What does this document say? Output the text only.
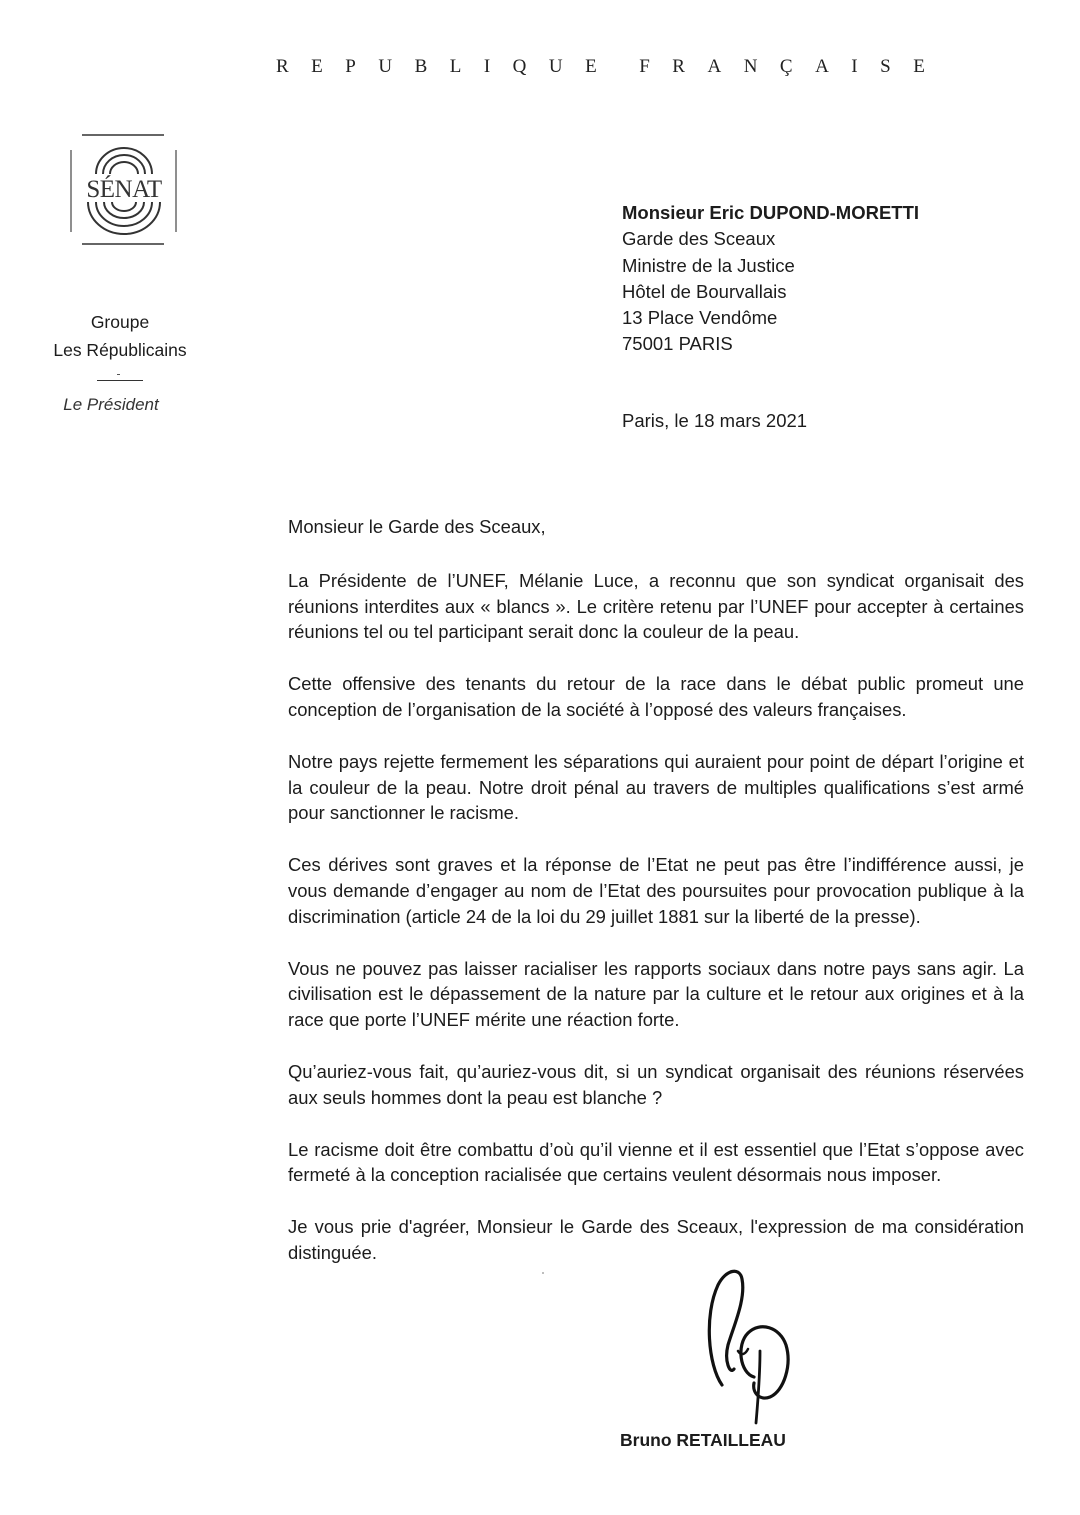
REPUBLIQUE FRANÇAISE
SÉNAT
Groupe
Les Républicains
Le Président
Monsieur Eric DUPOND-MORETTI
Garde des Sceaux
Ministre de la Justice
Hôtel de Bourvallais
13 Place Vendôme
75001 PARIS
Paris, le 18 mars 2021

Monsieur le Garde des Sceaux,

La Présidente de l’UNEF, Mélanie Luce, a reconnu que son syndicat organisait des réunions interdites aux « blancs ». Le critère retenu par l’UNEF pour accepter à certaines réunions tel ou tel participant serait donc la couleur de la peau.

Cette offensive des tenants du retour de la race dans le débat public promeut une conception de l’organisation de la société à l’opposé des valeurs françaises.

Notre pays rejette fermement les séparations qui auraient pour point de départ l’origine et la couleur de la peau. Notre droit pénal au travers de multiples qualifications s’est armé pour sanctionner le racisme.

Ces dérives sont graves et la réponse de l’Etat ne peut pas être l’indifférence aussi, je vous demande d’engager au nom de l’Etat des poursuites pour provocation publique à la discrimination (article 24 de la loi du 29 juillet 1881 sur la liberté de la presse).

Vous ne pouvez pas laisser racialiser les rapports sociaux dans notre pays sans agir. La civilisation est le dépassement de la nature par la culture et le retour aux origines et à la race que porte l’UNEF mérite une réaction forte.

Qu’auriez-vous fait, qu’auriez-vous dit, si un syndicat organisait des réunions réservées aux seuls hommes dont la peau est blanche ?

Le racisme doit être combattu d’où qu’il vienne et il est essentiel que l’Etat s’oppose avec fermeté à la conception racialisée que certains veulent désormais nous imposer.

Je vous prie d'agréer, Monsieur le Garde des Sceaux, l'expression de ma considération distinguée.

Bruno RETAILLEAU
